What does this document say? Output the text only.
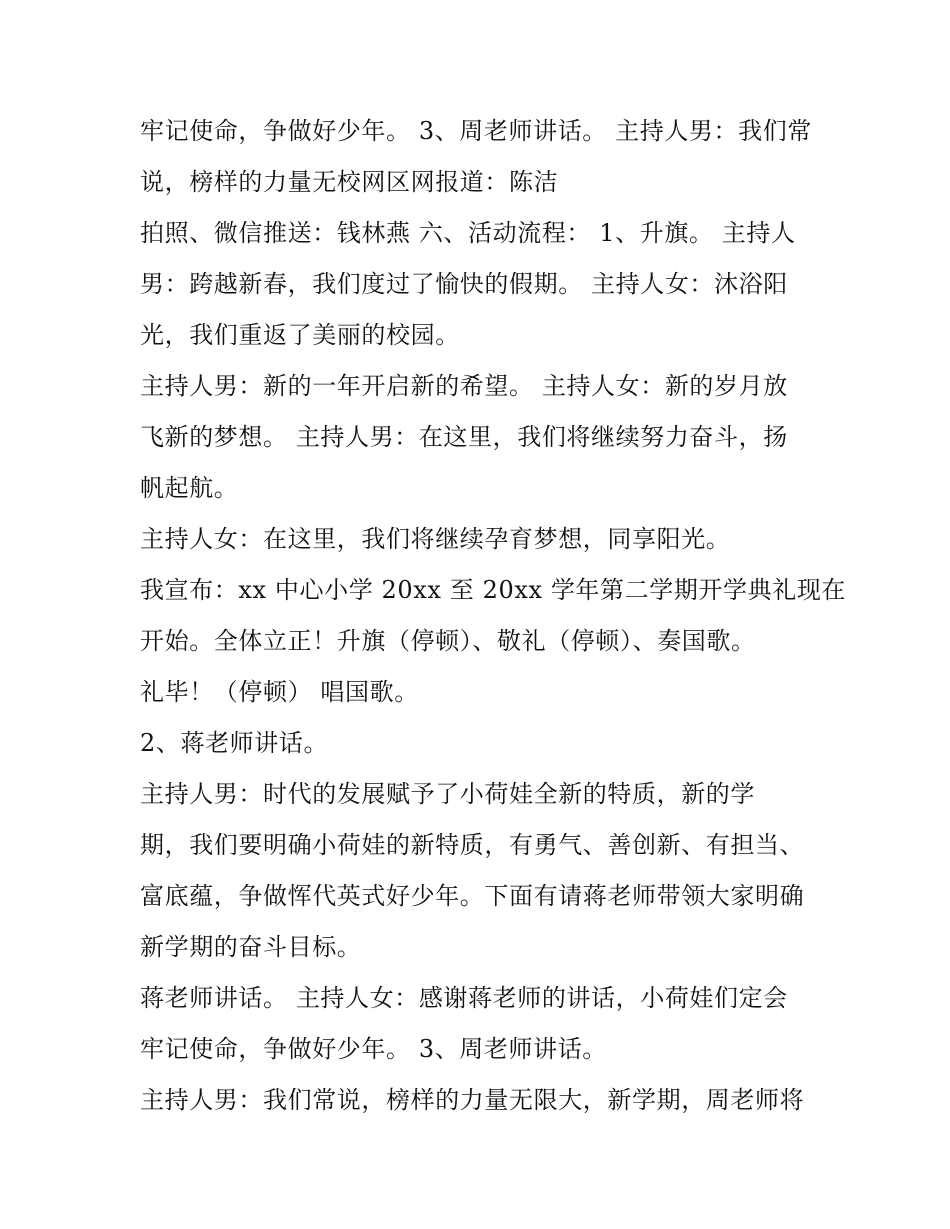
牢记使命，争做好少年。 3、周老师讲话。 主持人男：我们常
说，榜样的力量无校网区网报道：陈洁
拍照、微信推送：钱林燕 六、活动流程： 1、升旗。 主持人
男：跨越新春，我们度过了愉快的假期。 主持人女：沐浴阳
光，我们重返了美丽的校园。
主持人男：新的一年开启新的希望。 主持人女：新的岁月放
飞新的梦想。 主持人男：在这里，我们将继续努力奋斗，扬
帆起航。
主持人女：在这里，我们将继续孕育梦想，同享阳光。
我宣布：xx 中心小学 20xx 至 20xx 学年第二学期开学典礼现在
开始。全体立正！升旗（停顿）、敬礼（停顿）、奏国歌。
礼毕！（停顿） 唱国歌。
2、蒋老师讲话。
主持人男：时代的发展赋予了小荷娃全新的特质，新的学
期，我们要明确小荷娃的新特质，有勇气、善创新、有担当、
富底蕴，争做恽代英式好少年。下面有请蒋老师带领大家明确
新学期的奋斗目标。
蒋老师讲话。 主持人女：感谢蒋老师的讲话，小荷娃们定会
牢记使命，争做好少年。 3、周老师讲话。
主持人男：我们常说，榜样的力量无限大，新学期，周老师将
